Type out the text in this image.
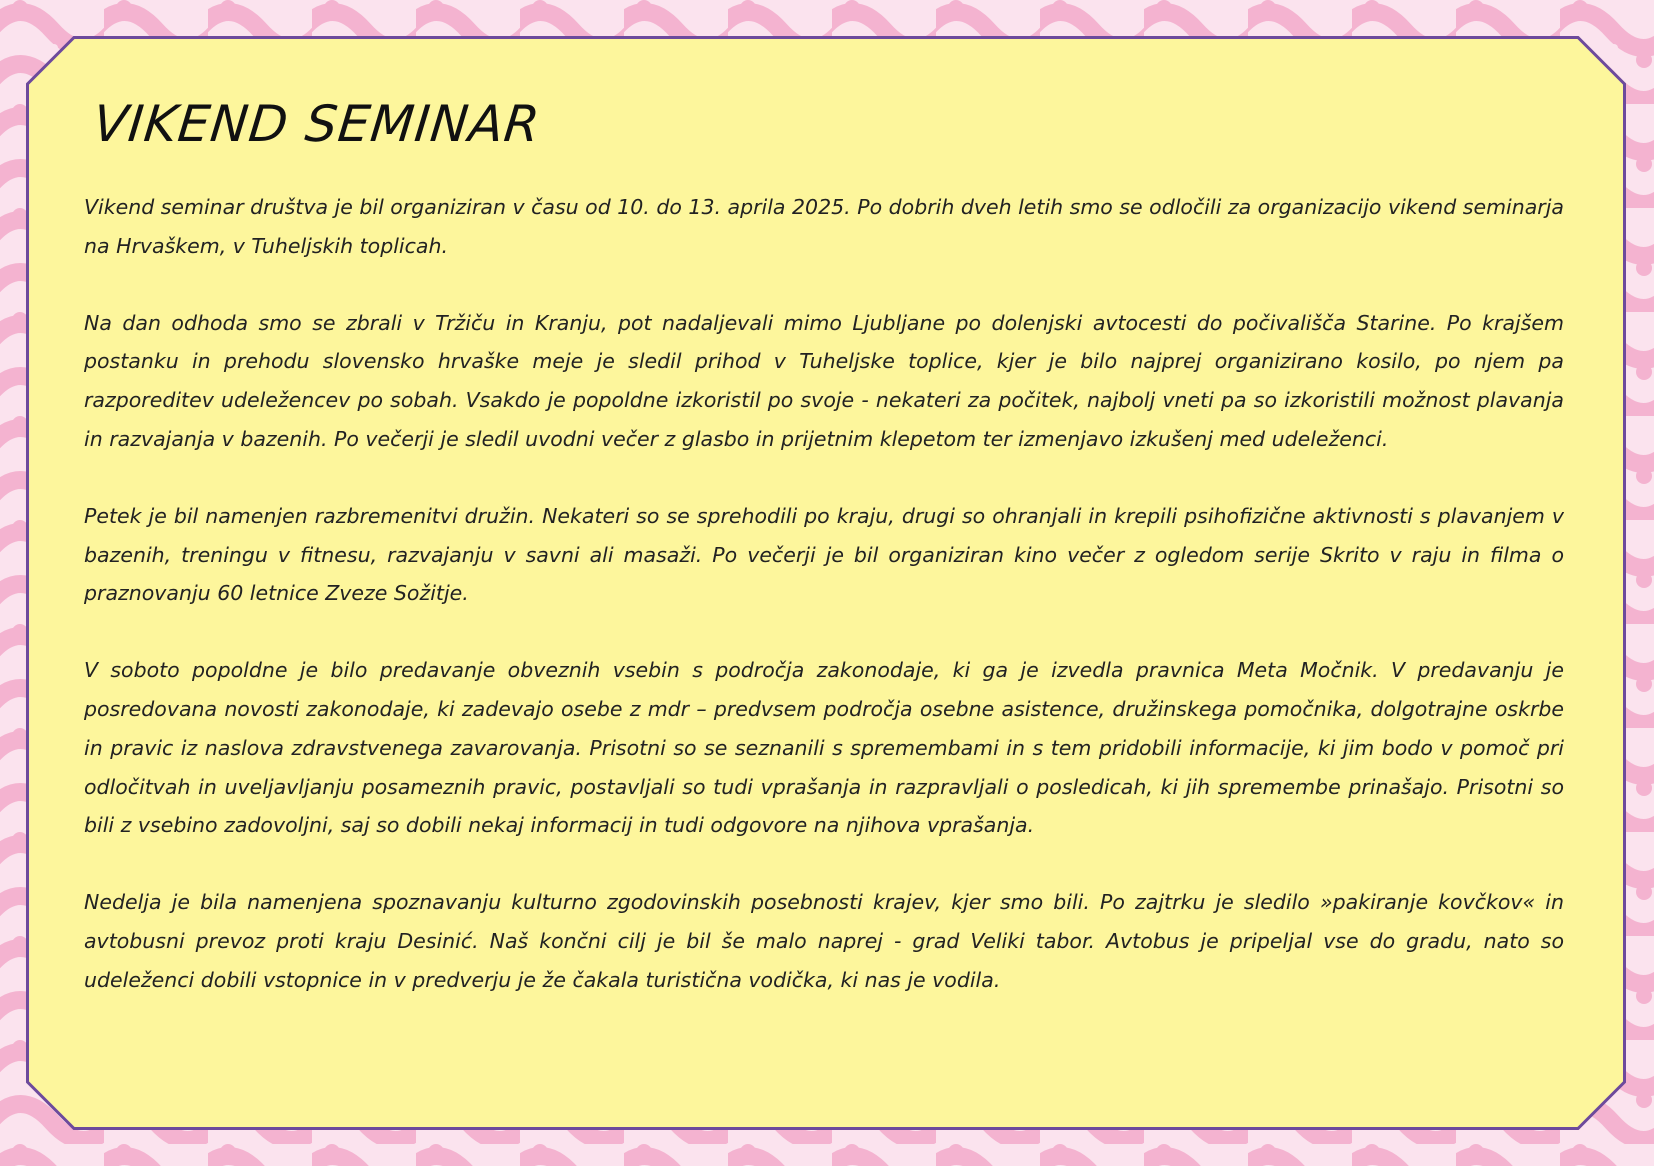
VIKEND SEMINAR

Vikend seminar društva je bil organiziran v času od 10. do 13. aprila 2025. Po dobrih dveh letih smo se odločili za organizacijo vikend seminarja na Hrvaškem, v Tuheljskih toplicah.

Na dan odhoda smo se zbrali v Tržiču in Kranju, pot nadaljevali mimo Ljubljane po dolenjski avtocesti do počivališča Starine. Po krajšem postanku in prehodu slovensko hrvaške meje je sledil prihod v Tuheljske toplice, kjer je bilo najprej organizirano kosilo, po njem pa razporeditev udeležencev po sobah. Vsakdo je popoldne izkoristil po svoje - nekateri za počitek, najbolj vneti pa so izkoristili možnost plavanja in razvajanja v bazenih. Po večerji je sledil uvodni večer z glasbo in prijetnim klepetom ter izmenjavo izkušenj med udeleženci.

Petek je bil namenjen razbremenitvi družin. Nekateri so se sprehodili po kraju, drugi so ohranjali in krepili psihofizične aktivnosti s plavanjem v bazenih, treningu v fitnesu, razvajanju v savni ali masaži. Po večerji je bil organiziran kino večer z ogledom serije Skrito v raju in filma o praznovanju 60 letnice Zveze Sožitje.

V soboto popoldne je bilo predavanje obveznih vsebin s področja zakonodaje, ki ga je izvedla pravnica Meta Močnik. V predavanju je posredovana novosti zakonodaje, ki zadevajo osebe z mdr – predvsem področja osebne asistence, družinskega pomočnika, dolgotrajne oskrbe in pravic iz naslova zdravstvenega zavarovanja. Prisotni so se seznanili s spremembami in s tem pridobili informacije, ki jim bodo v pomoč pri odločitvah in uveljavljanju posameznih pravic, postavljali so tudi vprašanja in razpravljali o posledicah, ki jih spremembe prinašajo. Prisotni so bili z vsebino zadovoljni, saj so dobili nekaj informacij in tudi odgovore na njihova vprašanja.

Nedelja je bila namenjena spoznavanju kulturno zgodovinskih posebnosti krajev, kjer smo bili. Po zajtrku je sledilo »pakiranje kovčkov« in avtobusni prevoz proti kraju Desinić. Naš končni cilj je bil še malo naprej - grad Veliki tabor. Avtobus je pripeljal vse do gradu, nato so udeleženci dobili vstopnice in v predverju je že čakala turistična vodička, ki nas je vodila.
